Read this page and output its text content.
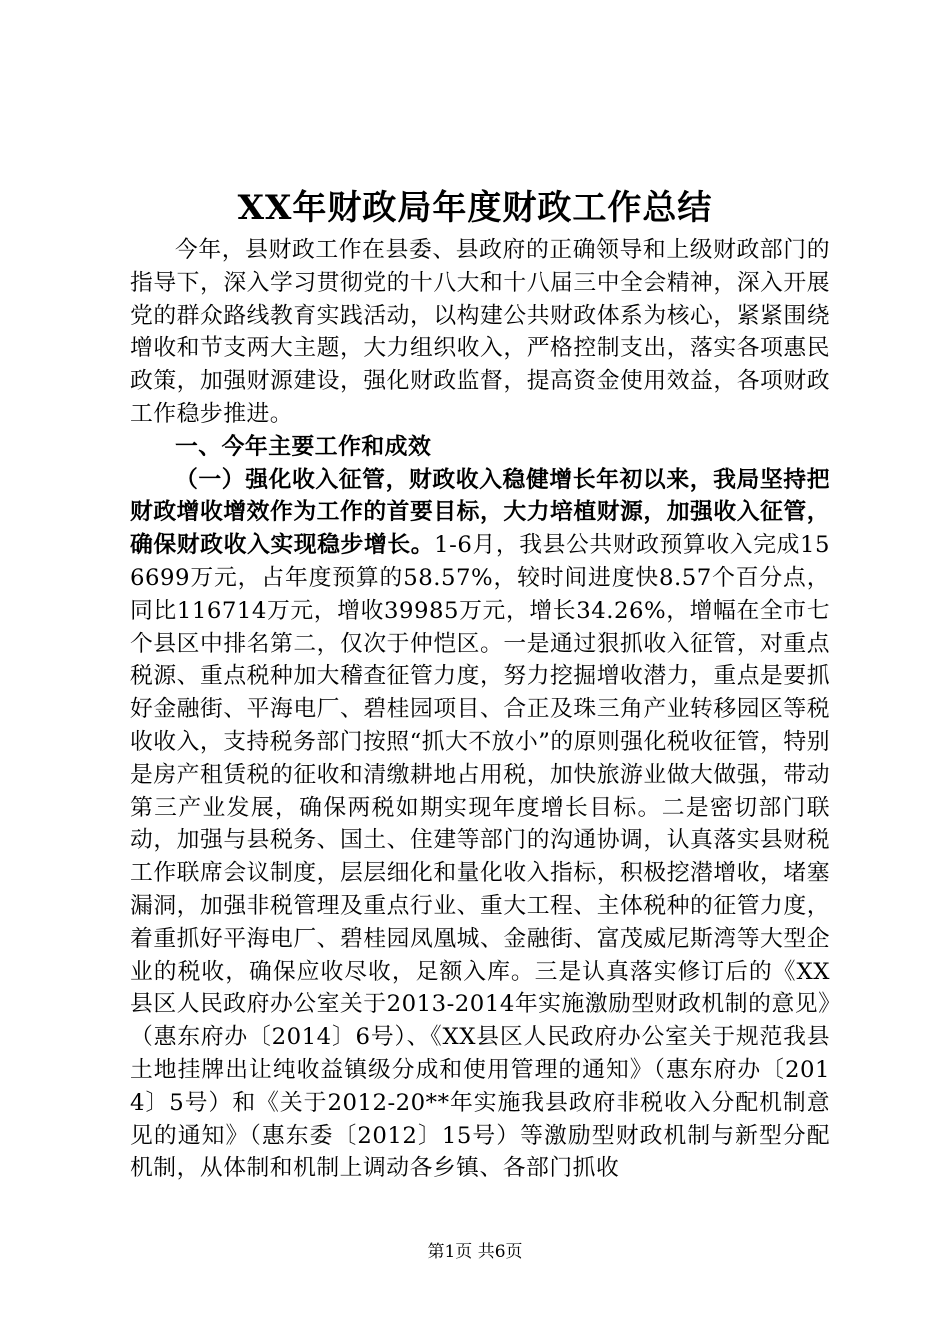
XX年财政局年度财政工作总结

今年，县财政工作在县委、县政府的正确领导和上级财政部门的指导下，深入学习贯彻党的十八大和十八届三中全会精神，深入开展党的群众路线教育实践活动，以构建公共财政体系为核心，紧紧围绕增收和节支两大主题，大力组织收入，严格控制支出，落实各项惠民政策，加强财源建设，强化财政监督，提高资金使用效益，各项财政工作稳步推进。

一、今年主要工作和成效

（一）强化收入征管，财政收入稳健增长年初以来，我局坚持把财政增收增效作为工作的首要目标，大力培植财源，加强收入征管，确保财政收入实现稳步增长。1-6月，我县公共财政预算收入完成156699万元，占年度预算的58.57%，较时间进度快8.57个百分点，同比116714万元，增收39985万元，增长34.26%，增幅在全市七个县区中排名第二，仅次于仲恺区。一是通过狠抓收入征管，对重点税源、重点税种加大稽查征管力度，努力挖掘增收潜力，重点是要抓好金融街、平海电厂、碧桂园项目、合正及珠三角产业转移园区等税收收入，支持税务部门按照“抓大不放小”的原则强化税收征管，特别是房产租赁税的征收和清缴耕地占用税，加快旅游业做大做强，带动第三产业发展，确保两税如期实现年度增长目标。二是密切部门联动，加强与县税务、国土、住建等部门的沟通协调，认真落实县财税工作联席会议制度，层层细化和量化收入指标，积极挖潜增收，堵塞漏洞，加强非税管理及重点行业、重大工程、主体税种的征管力度，着重抓好平海电厂、碧桂园凤凰城、金融街、富茂威尼斯湾等大型企业的税收，确保应收尽收，足额入库。三是认真落实修订后的《XX县区人民政府办公室关于2013-2014年实施激励型财政机制的意见》（惠东府办〔2014〕6号）、《XX县区人民政府办公室关于规范我县土地挂牌出让纯收益镇级分成和使用管理的通知》（惠东府办〔2014〕5号）和《关于2012-20**年实施我县政府非税收入分配机制意见的通知》（惠东委〔2012〕15号）等激励型财政机制与新型分配机制，从体制和机制上调动各乡镇、各部门抓收

第1页 共6页
